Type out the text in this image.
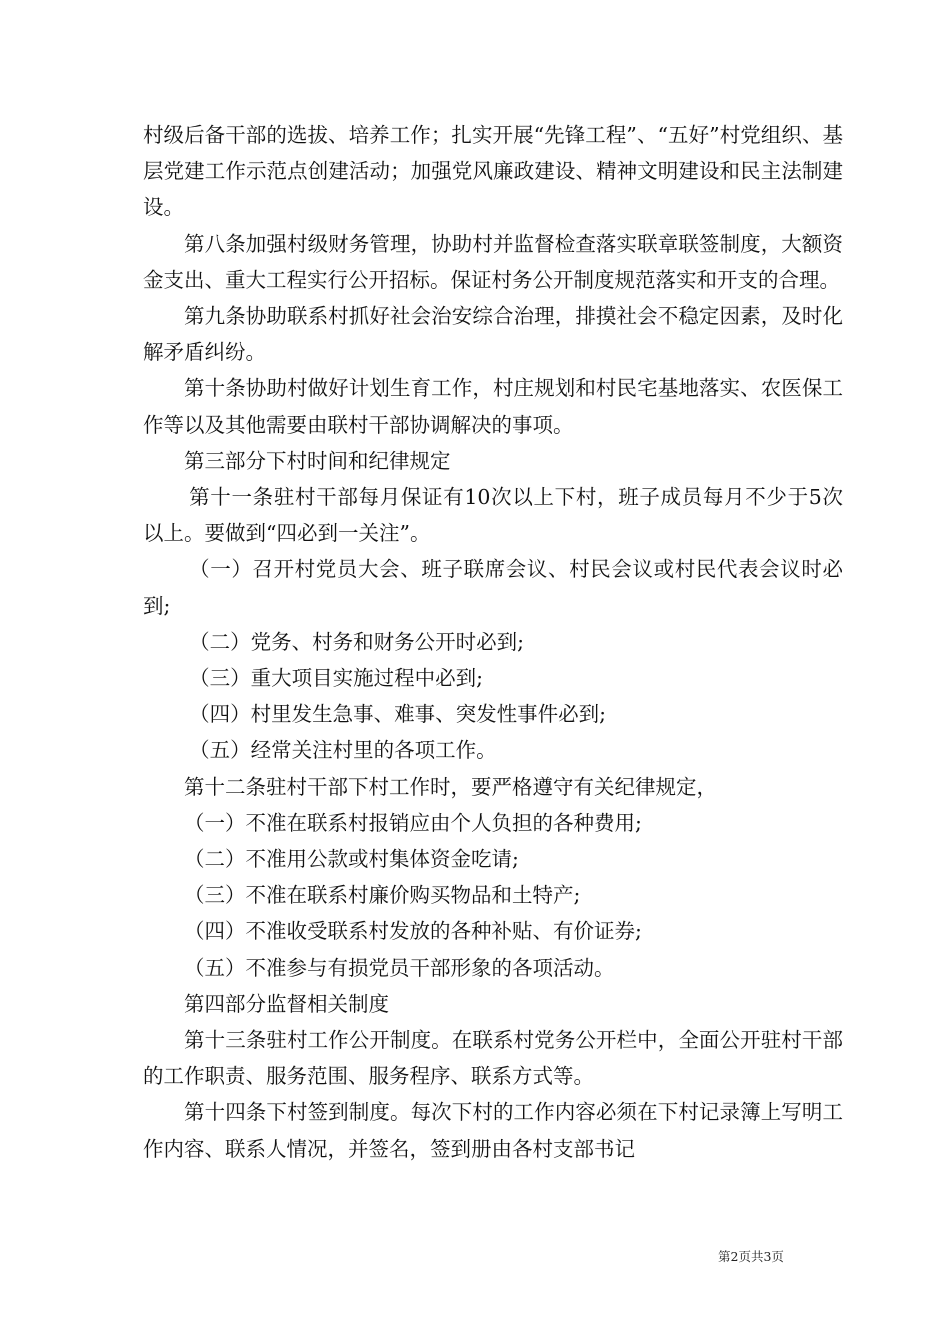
村级后备干部的选拔、培养工作；扎实开展“先锋工程”、“五好”村党组织、基层党建工作示范点创建活动；加强党风廉政建设、精神文明建设和民主法制建设。

第八条加强村级财务管理，协助村并监督检查落实联章联签制度，大额资金支出、重大工程实行公开招标。保证村务公开制度规范落实和开支的合理。

第九条协助联系村抓好社会治安综合治理，排摸社会不稳定因素，及时化解矛盾纠纷。

第十条协助村做好计划生育工作，村庄规划和村民宅基地落实、农医保工作等以及其他需要由联村干部协调解决的事项。

第三部分下村时间和纪律规定

第十一条驻村干部每月保证有10次以上下村，班子成员每月不少于5次以上。要做到“四必到一关注”。

（一）召开村党员大会、班子联席会议、村民会议或村民代表会议时必到;

（二）党务、村务和财务公开时必到;

（三）重大项目实施过程中必到;

（四）村里发生急事、难事、突发性事件必到;

（五）经常关注村里的各项工作。

第十二条驻村干部下村工作时，要严格遵守有关纪律规定，

（一）不准在联系村报销应由个人负担的各种费用;

（二）不准用公款或村集体资金吃请;

（三）不准在联系村廉价购买物品和土特产;

（四）不准收受联系村发放的各种补贴、有价证券;

（五）不准参与有损党员干部形象的各项活动。

第四部分监督相关制度

第十三条驻村工作公开制度。在联系村党务公开栏中，全面公开驻村干部的工作职责、服务范围、服务程序、联系方式等。

第十四条下村签到制度。每次下村的工作内容必须在下村记录簿上写明工作内容、联系人情况，并签名，签到册由各村支部书记

第2页共3页
